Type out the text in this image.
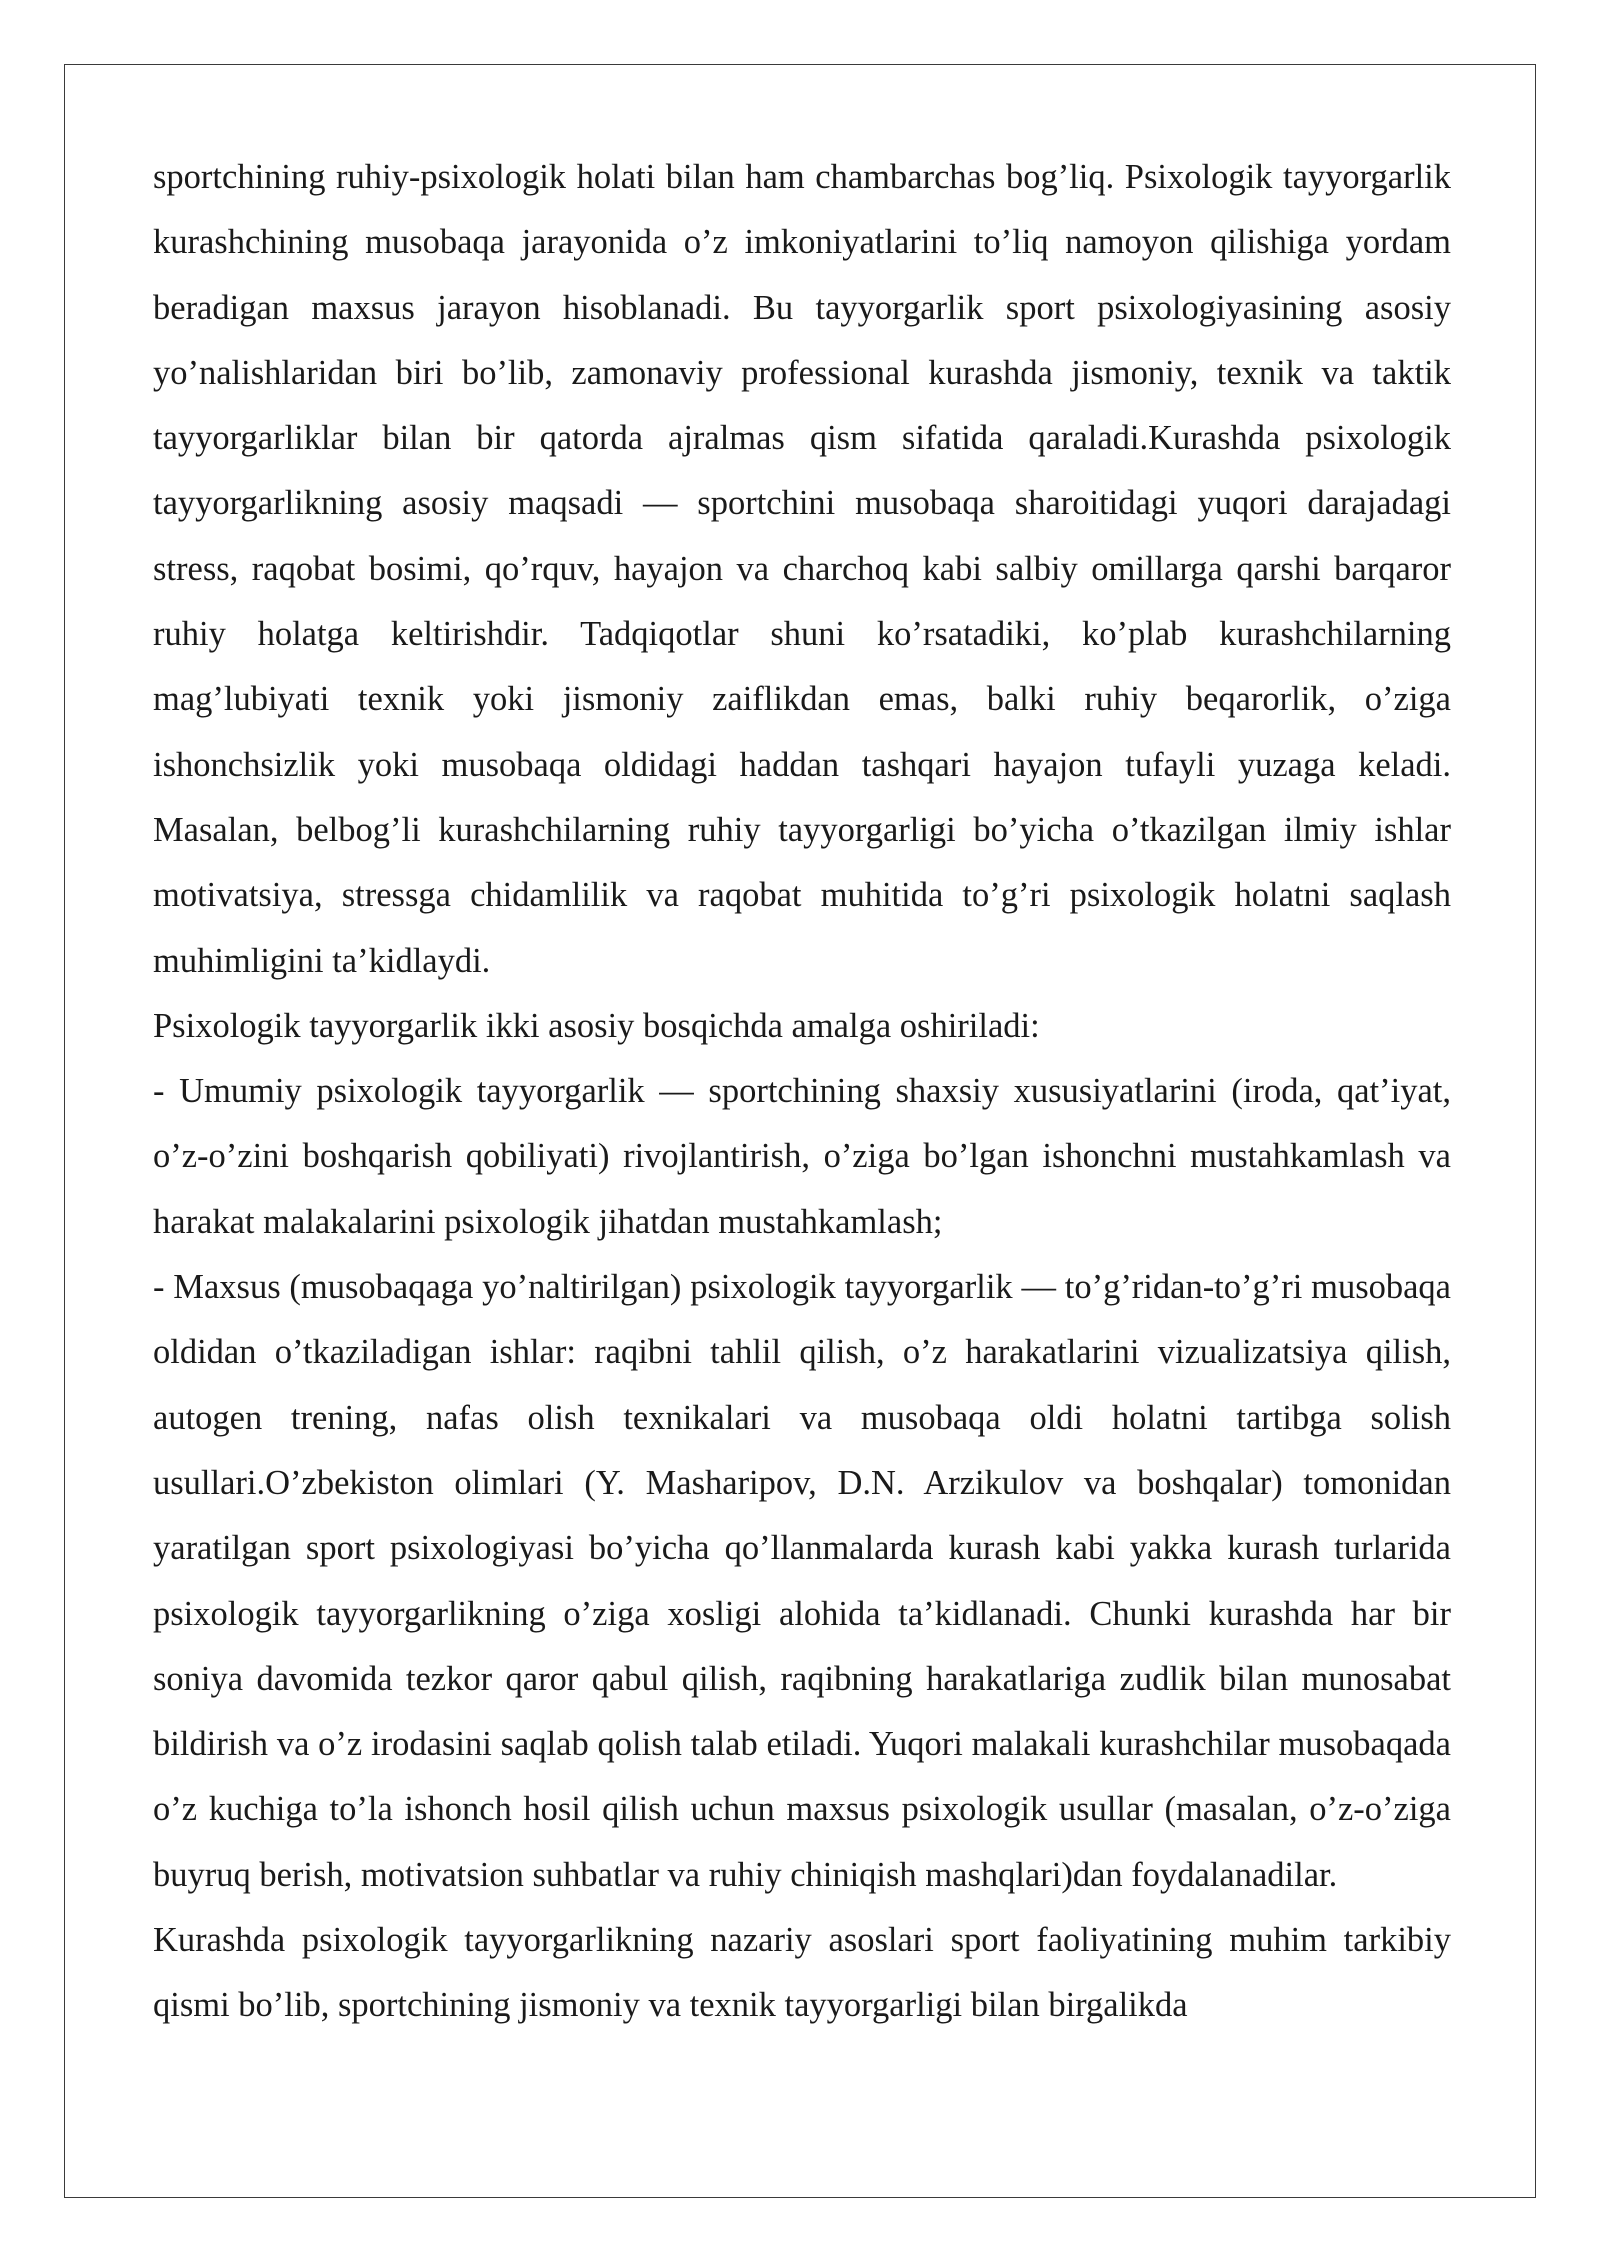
sportchining ruhiy-psixologik holati bilan ham chambarchas bog’liq. Psixologik tayyorgarlik kurashchining musobaqa jarayonida o’z imkoniyatlarini to’liq namoyon qilishiga yordam beradigan maxsus jarayon hisoblanadi. Bu tayyorgarlik sport psixologiyasining asosiy yo’nalishlaridan biri bo’lib, zamonaviy professional kurashda jismoniy, texnik va taktik tayyorgarliklar bilan bir qatorda ajralmas qism sifatida qaraladi.Kurashda psixologik tayyorgarlikning asosiy maqsadi — sportchini musobaqa sharoitidagi yuqori darajadagi stress, raqobat bosimi, qo’rquv, hayajon va charchoq kabi salbiy omillarga qarshi barqaror ruhiy holatga keltirishdir. Tadqiqotlar shuni ko’rsatadiki, ko’plab kurashchilarning mag’lubiyati texnik yoki jismoniy zaiflikdan emas, balki ruhiy beqarorlik, o’ziga ishonchsizlik yoki musobaqa oldidagi haddan tashqari hayajon tufayli yuzaga keladi. Masalan, belbog’li kurashchilarning ruhiy tayyorgarligi bo’yicha o’tkazilgan ilmiy ishlar motivatsiya, stressga chidamlilik va raqobat muhitida to’g’ri psixologik holatni saqlash muhimligini ta’kidlaydi.

Psixologik tayyorgarlik ikki asosiy bosqichda amalga oshiriladi:

- Umumiy psixologik tayyorgarlik — sportchining shaxsiy xususiyatlarini (iroda, qat’iyat, o’z-o’zini boshqarish qobiliyati) rivojlantirish, o’ziga bo’lgan ishonchni mustahkamlash va harakat malakalarini psixologik jihatdan mustahkamlash;

- Maxsus (musobaqaga yo’naltirilgan) psixologik tayyorgarlik — to’g’ridan-to’g’ri musobaqa oldidan o’tkaziladigan ishlar: raqibni tahlil qilish, o’z harakatlarini vizualizatsiya qilish, autogen trening, nafas olish texnikalari va musobaqa oldi holatni tartibga solish usullari.O’zbekiston olimlari (Y. Masharipov, D.N. Arzikulov va boshqalar) tomonidan yaratilgan sport psixologiyasi bo’yicha qo’llanmalarda kurash kabi yakka kurash turlarida psixologik tayyorgarlikning o’ziga xosligi alohida ta’kidlanadi. Chunki kurashda har bir soniya davomida tezkor qaror qabul qilish, raqibning harakatlariga zudlik bilan munosabat bildirish va o’z irodasini saqlab qolish talab etiladi. Yuqori malakali kurashchilar musobaqada o’z kuchiga to’la ishonch hosil qilish uchun maxsus psixologik usullar (masalan, o’z-o’ziga buyruq berish, motivatsion suhbatlar va ruhiy chiniqish mashqlari)dan foydalanadilar.

Kurashda psixologik tayyorgarlikning nazariy asoslari sport faoliyatining muhim tarkibiy qismi bo’lib, sportchining jismoniy va texnik tayyorgarligi bilan birgalikda
